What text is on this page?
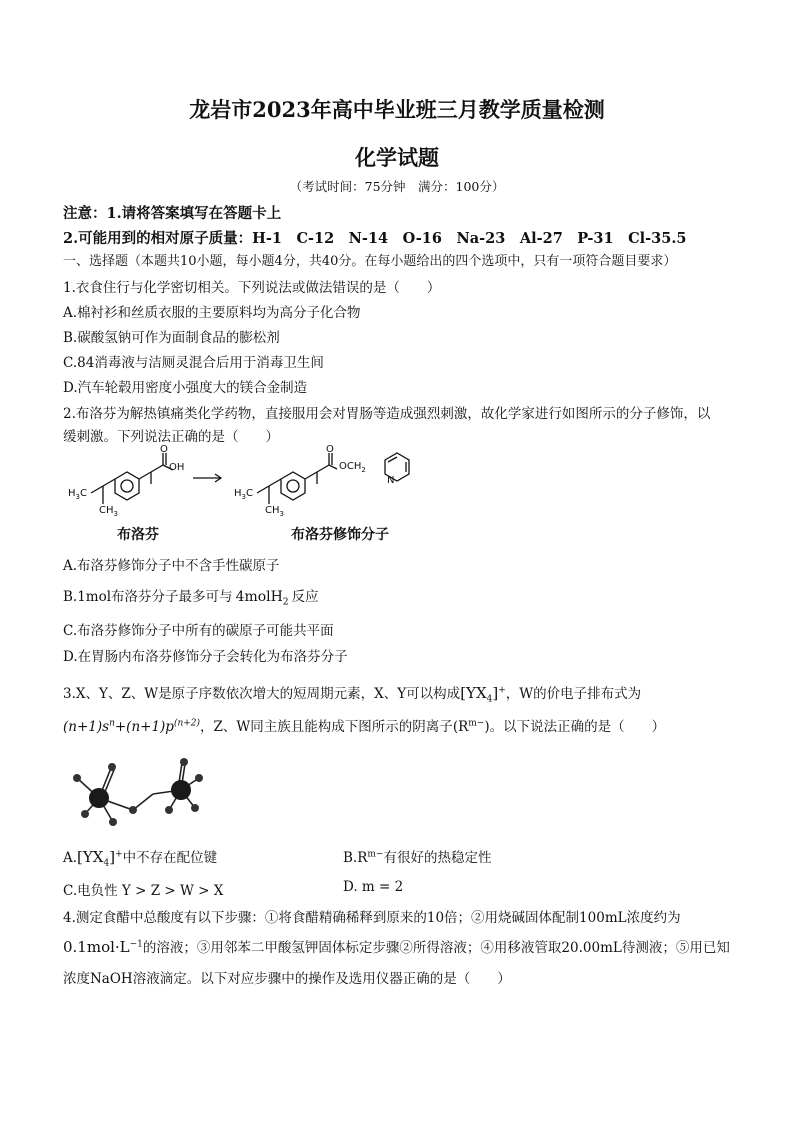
龙岩市2023年高中毕业班三月教学质量检测
化学试题
（考试时间：75分钟　满分：100分）
注意：1.请将答案填写在答题卡上
2.可能用到的相对原子质量：H-1　C-12　N-14　O-16　Na-23　Al-27　P-31　Cl-35.5
一、选择题（本题共10小题，每小题4分，共40分。在每小题给出的四个选项中，只有一项符合题目要求）
1.衣食住行与化学密切相关。下列说法或做法错误的是（　　）
A.棉衬衫和丝质衣服的主要原料均为高分子化合物
B.碳酸氢钠可作为面制食品的膨松剂
C.84消毒液与洁厕灵混合后用于消毒卫生间
D.汽车轮毂用密度小强度大的镁合金制造
2.布洛芬为解热镇痛类化学药物，直接服用会对胃肠等造成强烈刺激，故化学家进行如图所示的分子修饰，以
缓刺激。下列说法正确的是（　　）
OH
O	O
$OCH_2$
N
$H_3C$
$CH_3$
$H_3C$
$CH_3$
布洛芬	布洛芬修饰分子
A.布洛芬修饰分子中不含手性碳原子
B.1mol布洛芬分子最多可与 4molH$_2$ 反应
C.布洛芬修饰分子中所有的碳原子可能共平面
D.在胃肠内布洛芬修饰分子会转化为布洛芬分子
3.X、Y、Z、W是原子序数依次增大的短周期元素，X、Y可以构成$[YX_4]^+$，W的价电子排布式为
$(n+1)s^n+(n+1)p^{(n+2)}$，Z、W同主族且能构成下图所示的阴离子$(R^{m-})$。以下说法正确的是（　　）
$A.[YX_4]^+$中不存在配位键	$B.R^{m-}$有很好的热稳定性
C.电负性 Y > Z > W > X	D. m = 2
4.测定食醋中总酸度有以下步骤：①将食醋精确稀释到原来的10倍；②用烧碱固体配制100mL浓度约为
$0.1mol\cdot L^{-1}$的溶液；③用邻苯二甲酸氢钾固体标定步骤②所得溶液；④用移液管取20.00mL待测液；⑤用已知
浓度NaOH溶液滴定。以下对应步骤中的操作及选用仪器正确的是（　　）
